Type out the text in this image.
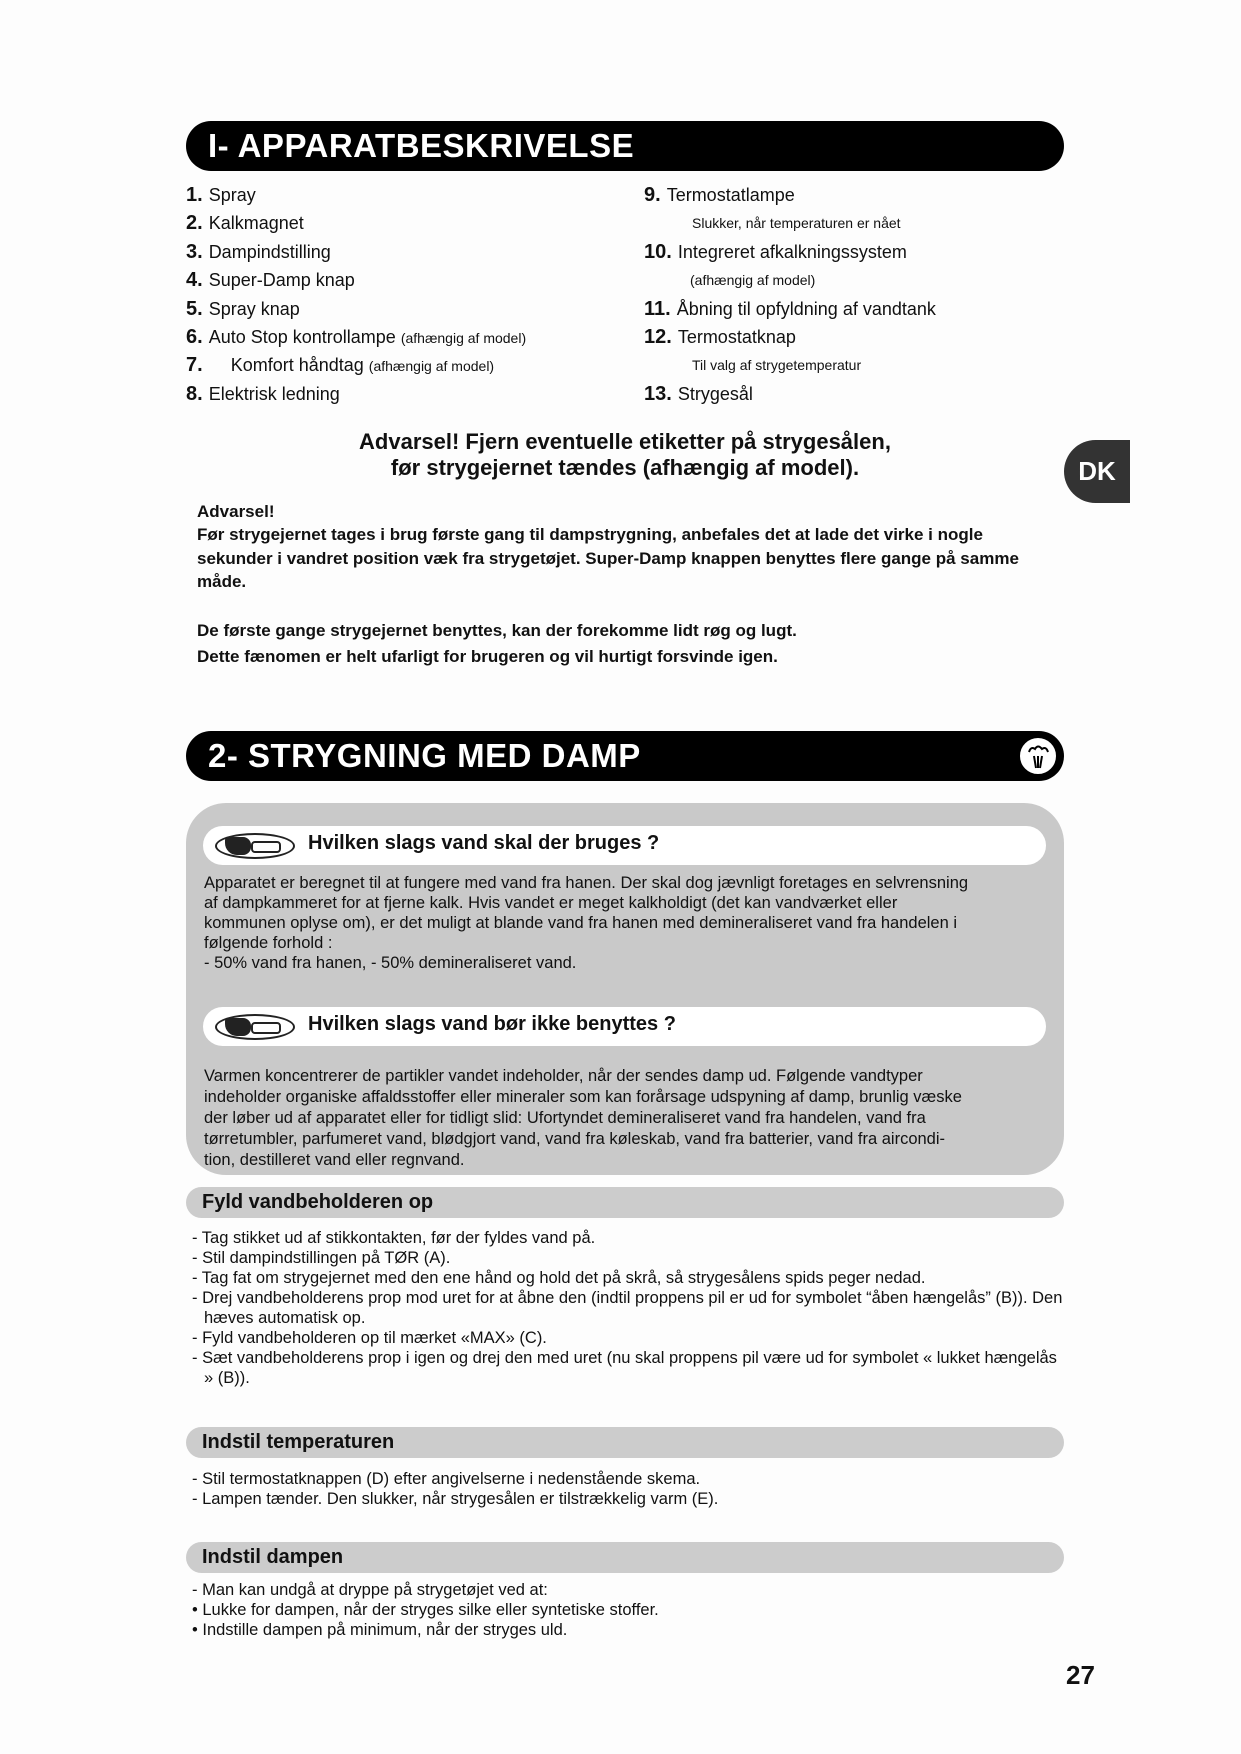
I- APPARATBESKRIVELSE
1. Spray
2. Kalkmagnet
3. Dampindstilling
4. Super-Damp knap
5. Spray knap
6. Auto Stop kontrollampe (afhængig af model)
7. Komfort håndtag (afhængig af model)
8. Elektrisk ledning
9. Termostatlampe
Slukker, når temperaturen er nået
10. Integreret afkalkningssystem
(afhængig af model)
11. Åbning til opfyldning af vandtank
12. Termostatknap
Til valg af strygetemperatur
13. Strygesål
Advarsel! Fjern eventuelle etiketter på strygesålen,
før strygejernet tændes (afhængig af model).	DK
Advarsel!
Før strygejernet tages i brug første gang til dampstrygning, anbefales det at lade det virke i nogle sekunder i vandret position væk fra strygetøjet. Super-Damp knappen benyttes flere gange på samme måde.
De første gange strygejernet benyttes, kan der forekomme lidt røg og lugt.
Dette fænomen er helt ufarligt for brugeren og vil hurtigt forsvinde igen.
2- STRYGNING MED DAMP
Hvilken slags vand skal der bruges ?
Apparatet er beregnet til at fungere med vand fra hanen. Der skal dog jævnligt foretages en selvrensning
af dampkammeret for at fjerne kalk. Hvis vandet er meget kalkholdigt (det kan vandværket eller
kommunen oplyse om), er det muligt at blande vand fra hanen med demineraliseret vand fra handelen i
følgende forhold :
- 50% vand fra hanen, - 50% demineraliseret vand.
Hvilken slags vand bør ikke benyttes ?
Varmen koncentrerer de partikler vandet indeholder, når der sendes damp ud. Følgende vandtyper
indeholder organiske affaldsstoffer eller mineraler som kan forårsage udspyning af damp, brunlig væske
der løber ud af apparatet eller for tidligt slid: Ufortyndet demineraliseret vand fra handelen, vand fra
tørretumbler, parfumeret vand, blødgjort vand, vand fra køleskab, vand fra batterier, vand fra aircondi-
tion, destilleret vand eller regnvand.
Fyld vandbeholderen op
- Tag stikket ud af stikkontakten, før der fyldes vand på.
- Stil dampindstillingen på TØR (A).
- Tag fat om strygejernet med den ene hånd og hold det på skrå, så strygesålens spids peger nedad.
- Drej vandbeholderens prop mod uret for at åbne den (indtil proppens pil er ud for symbolet “åben hængelås” (B)). Den hæves automatisk op.
- Fyld vandbeholderen op til mærket «MAX» (C).
- Sæt vandbeholderens prop i igen og drej den med uret (nu skal proppens pil være ud for symbolet « lukket hængelås » (B)).
Indstil temperaturen
- Stil termostatknappen (D) efter angivelserne i nedenstående skema.
- Lampen tænder. Den slukker, når strygesålen er tilstrækkelig varm (E).
Indstil dampen
- Man kan undgå at dryppe på strygetøjet ved at:
• Lukke for dampen, når der stryges silke eller syntetiske stoffer.
• Indstille dampen på minimum, når der stryges uld.
27
